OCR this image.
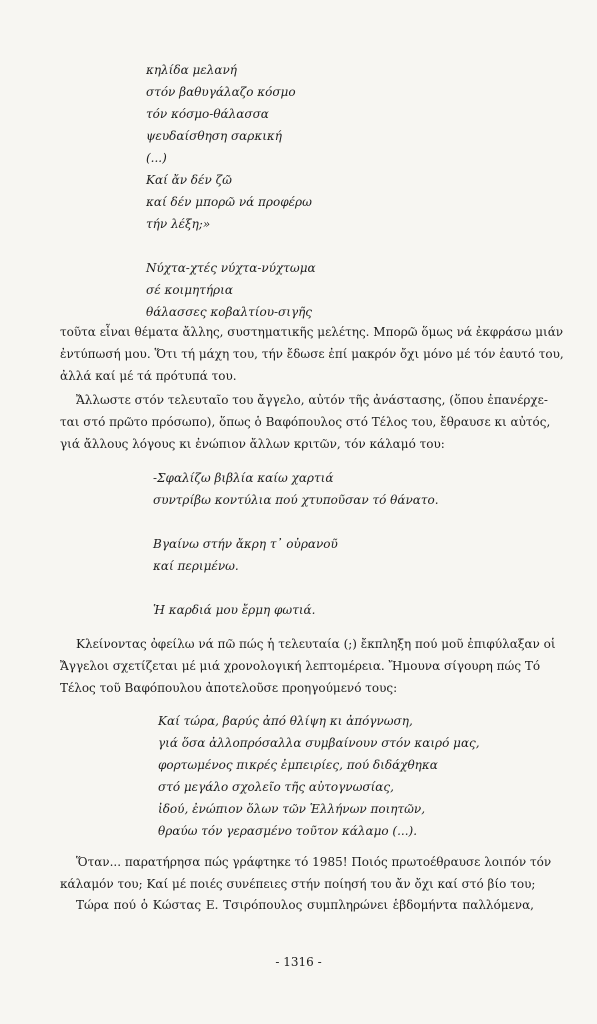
κηλίδα μελανή
στόν βαθυγάλαζο κόσμο
τόν κόσμο-θάλασσα
ψευδαίσθηση σαρκική
(...)
Καί ἄν δέν ζῶ
καί δέν μπορῶ νά προφέρω
τήν λέξη;»
Νύχτα-χτές νύχτα-νύχτωμα
σέ κοιμητήρια
θάλασσες κοβαλτίου-σιγῆς
τοῦτα εἶναι θέματα ἄλλης, συστηματικῆς μελέτης. Μπορῶ ὅμως νά ἐκφράσω μιάν
ἐντύπωσή μου. Ὅτι τή μάχη του, τήν ἔδωσε ἐπί μακρόν ὄχι μόνο μέ τόν ἑαυτό του,
ἀλλά καί μέ τά πρότυπά του.
Ἄλλωστε στόν τελευταῖο του ἄγγελο, αὐτόν τῆς ἀνάστασης, (ὅπου ἐπανέρχε-
ται στό πρῶτο πρόσωπο), ὅπως ὁ Βαφόπουλος στό Τέλος του, ἔθραυσε κι αὐτός,
γιά ἄλλους λόγους κι ἐνώπιον ἄλλων κριτῶν, τόν κάλαμό του:
-Σφαλίζω βιβλία καίω χαρτιά
συντρίβω κοντύλια πού χτυποῦσαν τό θάνατο.
Βγαίνω στήν ἄκρη τ᾽ οὐρανοῦ
καί περιμένω.
Ἡ καρδιά μου ἔρμη φωτιά.
Κλείνοντας ὀφείλω νά πῶ πώς ἡ τελευταία (;) ἔκπληξη πού μοῦ ἐπιφύλαξαν οἱ
Ἄγγελοι σχετίζεται μέ μιά χρονολογική λεπτομέρεια. Ἤμουνα σίγουρη πώς Τό
Τέλος τοῦ Βαφόπουλου ἀποτελοῦσε προηγούμενό τους:
Καί τώρα, βαρύς ἀπό θλίψη κι ἀπόγνωση,
γιά ὅσα ἀλλοπρόσαλλα συμβαίνουν στόν καιρό μας,
φορτωμένος πικρές ἐμπειρίες, πού διδάχθηκα
στό μεγάλο σχολεῖο τῆς αὐτογνωσίας,
ἰδού, ἐνώπιον ὅλων τῶν Ἑλλήνων ποιητῶν,
θραύω τόν γερασμένο τοῦτον κάλαμο (...).
Ὅταν... παρατήρησα πώς γράφτηκε τό 1985! Ποιός πρωτοέθραυσε λοιπόν τόν
κάλαμόν του; Καί μέ ποιές συνέπειες στήν ποίησή του ἄν ὄχι καί στό βίο του;
Τώρα πού ὁ Κώστας Ε. Τσιρόπουλος συμπληρώνει ἑβδομήντα παλλόμενα,
- 1316 -
